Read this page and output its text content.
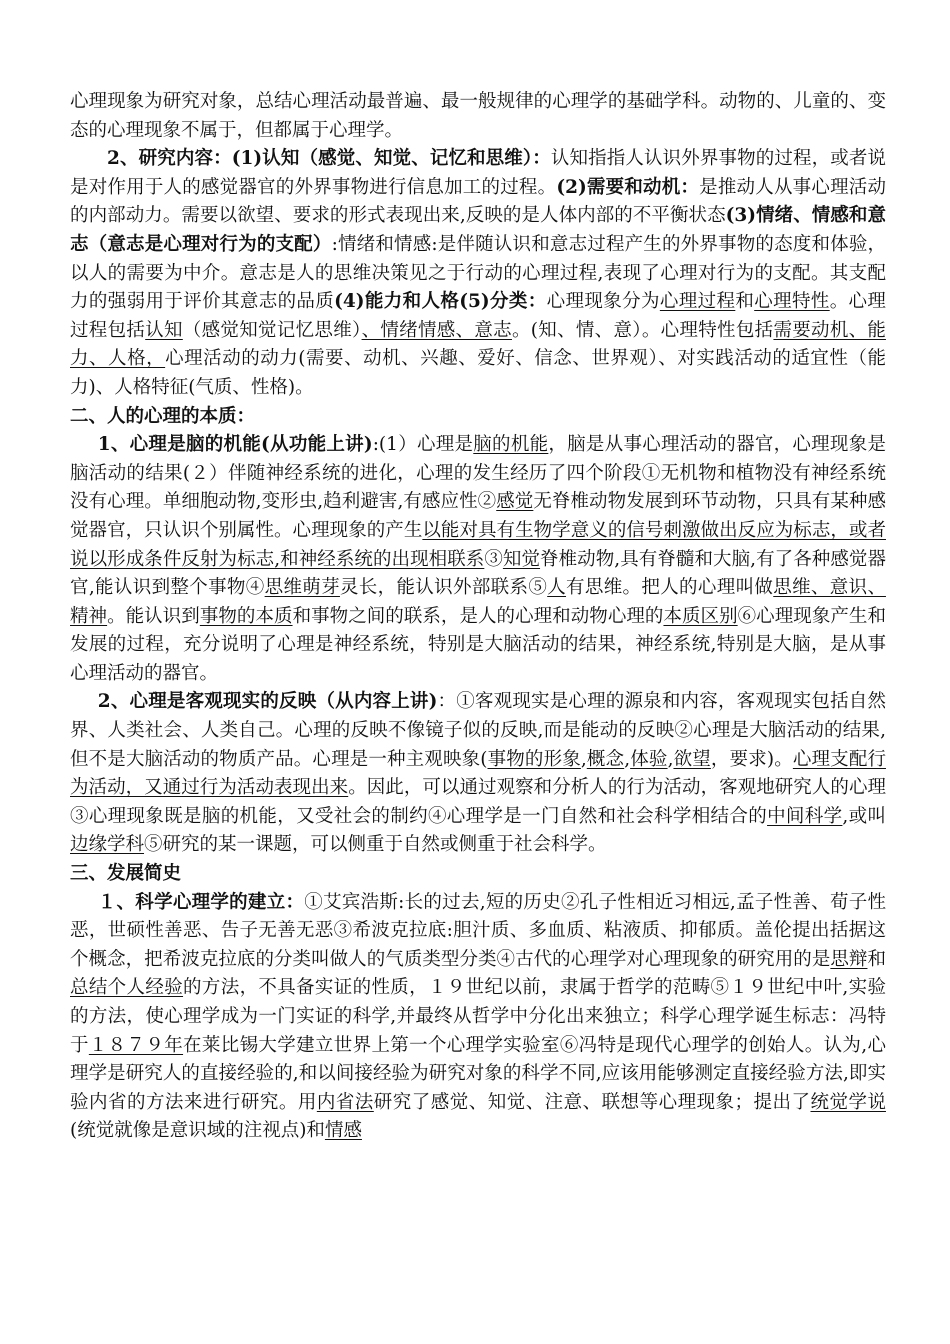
心理现象为研究对象，总结心理活动最普遍、最一般规律的心理学的基础学科。动物的、儿童的、变态的心理现象不属于，但都属于心理学。

2、研究内容：(1)认知（感觉、知觉、记忆和思维）：认知指指人认识外界事物的过程，或者说是对作用于人的感觉器官的外界事物进行信息加工的过程。(2)需要和动机：是推动人从事心理活动的内部动力。需要以欲望、要求的形式表现出来,反映的是人体内部的不平衡状态(3)情绪、情感和意志（意志是心理对行为的支配）:情绪和情感:是伴随认识和意志过程产生的外界事物的态度和体验，以人的需要为中介。意志是人的思维决策见之于行动的心理过程,表现了心理对行为的支配。其支配力的强弱用于评价其意志的品质(4)能力和人格(5)分类：心理现象分为心理过程和心理特性。心理过程包括认知（感觉知觉记忆思维）、情绪情感、意志。(知、情、意）。心理特性包括需要动机、能力、人格，心理活动的动力(需要、动机、兴趣、爱好、信念、世界观）、对实践活动的适宜性（能力)、人格特征(气质、性格)。

二、人的心理的本质：

1、心理是脑的机能(从功能上讲):(1）心理是脑的机能，脑是从事心理活动的器官，心理现象是脑活动的结果(２）伴随神经系统的进化，心理的发生经历了四个阶段①无机物和植物没有神经系统没有心理。单细胞动物,变形虫,趋利避害,有感应性②感觉无脊椎动物发展到环节动物，只具有某种感觉器官，只认识个别属性。心理现象的产生以能对具有生物学意义的信号刺激做出反应为标志，或者说以形成条件反射为标志,和神经系统的出现相联系③知觉脊椎动物,具有脊髓和大脑,有了各种感觉器官,能认识到整个事物④思维萌芽灵长，能认识外部联系⑤人有思维。把人的心理叫做思维、意识、精神。能认识到事物的本质和事物之间的联系，是人的心理和动物心理的本质区别⑥心理现象产生和发展的过程，充分说明了心理是神经系统，特别是大脑活动的结果，神经系统,特别是大脑，是从事心理活动的器官。

2、心理是客观现实的反映（从内容上讲)：①客观现实是心理的源泉和内容，客观现实包括自然界、人类社会、人类自己。心理的反映不像镜子似的反映,而是能动的反映②心理是大脑活动的结果,但不是大脑活动的物质产品。心理是一种主观映象(事物的形象,概念,体验,欲望，要求)。心理支配行为活动，又通过行为活动表现出来。因此，可以通过观察和分析人的行为活动，客观地研究人的心理③心理现象既是脑的机能，又受社会的制约④心理学是一门自然和社会科学相结合的中间科学,或叫边缘学科⑤研究的某一课题，可以侧重于自然或侧重于社会科学。

三、发展简史

１、科学心理学的建立：①艾宾浩斯:长的过去,短的历史②孔子性相近习相远,孟子性善、荀子性恶，世硕性善恶、告子无善无恶③希波克拉底:胆汁质、多血质、粘液质、抑郁质。盖伦提出括据这个概念，把希波克拉底的分类叫做人的气质类型分类④古代的心理学对心理现象的研究用的是思辩和总结个人经验的方法，不具备实证的性质，１９世纪以前，隶属于哲学的范畴⑤１９世纪中叶,实验的方法，使心理学成为一门实证的科学,并最终从哲学中分化出来独立；科学心理学诞生标志：冯特于１８７９年在莱比锡大学建立世界上第一个心理学实验室⑥冯特是现代心理学的创始人。认为,心理学是研究人的直接经验的,和以间接经验为研究对象的科学不同,应该用能够测定直接经验方法,即实验内省的方法来进行研究。用内省法研究了感觉、知觉、注意、联想等心理现象；提出了统觉学说(统觉就像是意识域的注视点)和情感
